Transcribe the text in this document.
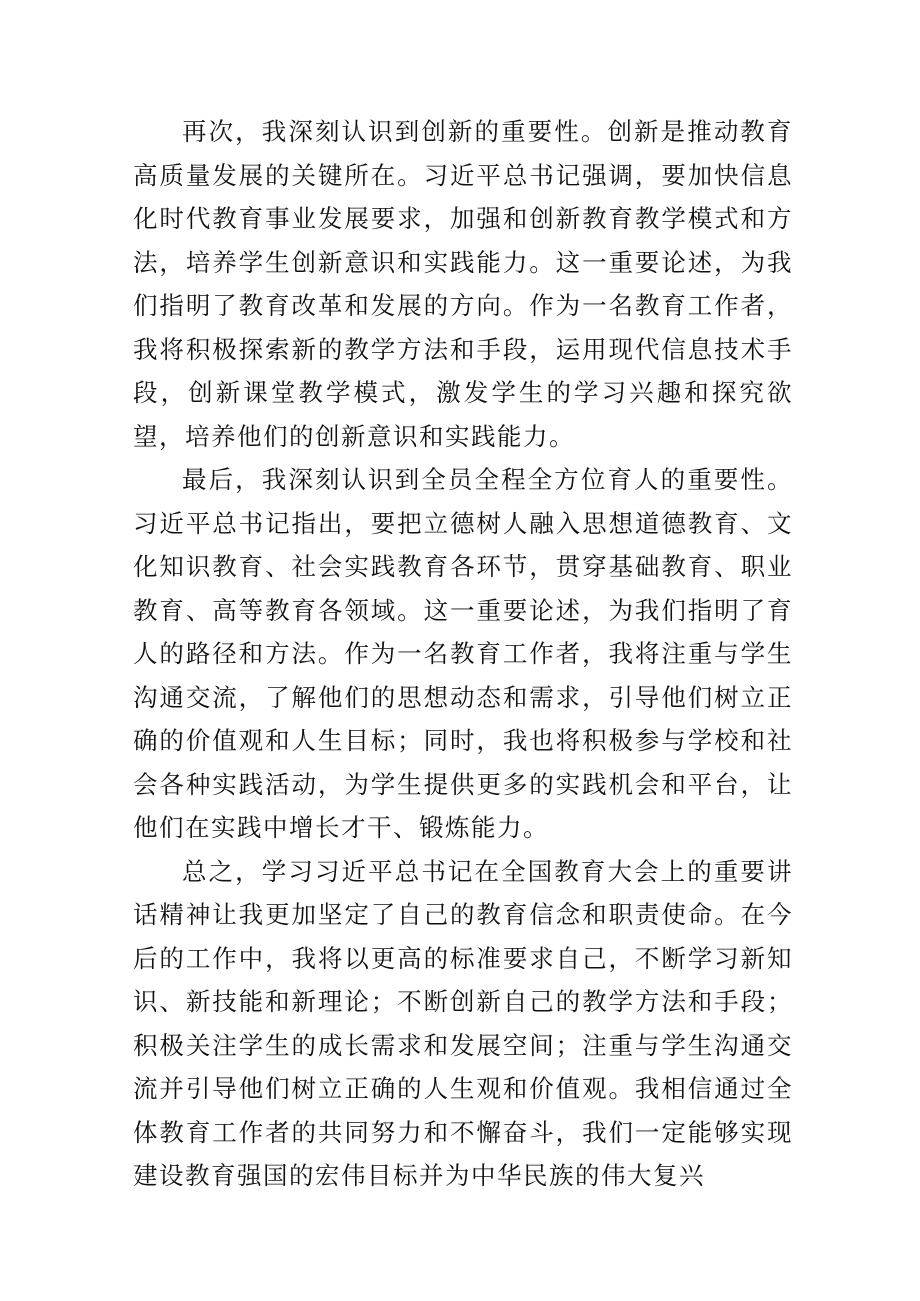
再次，我深刻认识到创新的重要性。创新是推动教育高质量发展的关键所在。习近平总书记强调，要加快信息化时代教育事业发展要求，加强和创新教育教学模式和方法，培养学生创新意识和实践能力。这一重要论述，为我们指明了教育改革和发展的方向。作为一名教育工作者，我将积极探索新的教学方法和手段，运用现代信息技术手段，创新课堂教学模式，激发学生的学习兴趣和探究欲望，培养他们的创新意识和实践能力。

最后，我深刻认识到全员全程全方位育人的重要性。习近平总书记指出，要把立德树人融入思想道德教育、文化知识教育、社会实践教育各环节，贯穿基础教育、职业教育、高等教育各领域。这一重要论述，为我们指明了育人的路径和方法。作为一名教育工作者，我将注重与学生沟通交流，了解他们的思想动态和需求，引导他们树立正确的价值观和人生目标；同时，我也将积极参与学校和社会各种实践活动，为学生提供更多的实践机会和平台，让他们在实践中增长才干、锻炼能力。

总之，学习习近平总书记在全国教育大会上的重要讲话精神让我更加坚定了自己的教育信念和职责使命。在今后的工作中，我将以更高的标准要求自己，不断学习新知识、新技能和新理论；不断创新自己的教学方法和手段；积极关注学生的成长需求和发展空间；注重与学生沟通交流并引导他们树立正确的人生观和价值观。我相信通过全体教育工作者的共同努力和不懈奋斗，我们一定能够实现建设教育强国的宏伟目标并为中华民族的伟大复兴
